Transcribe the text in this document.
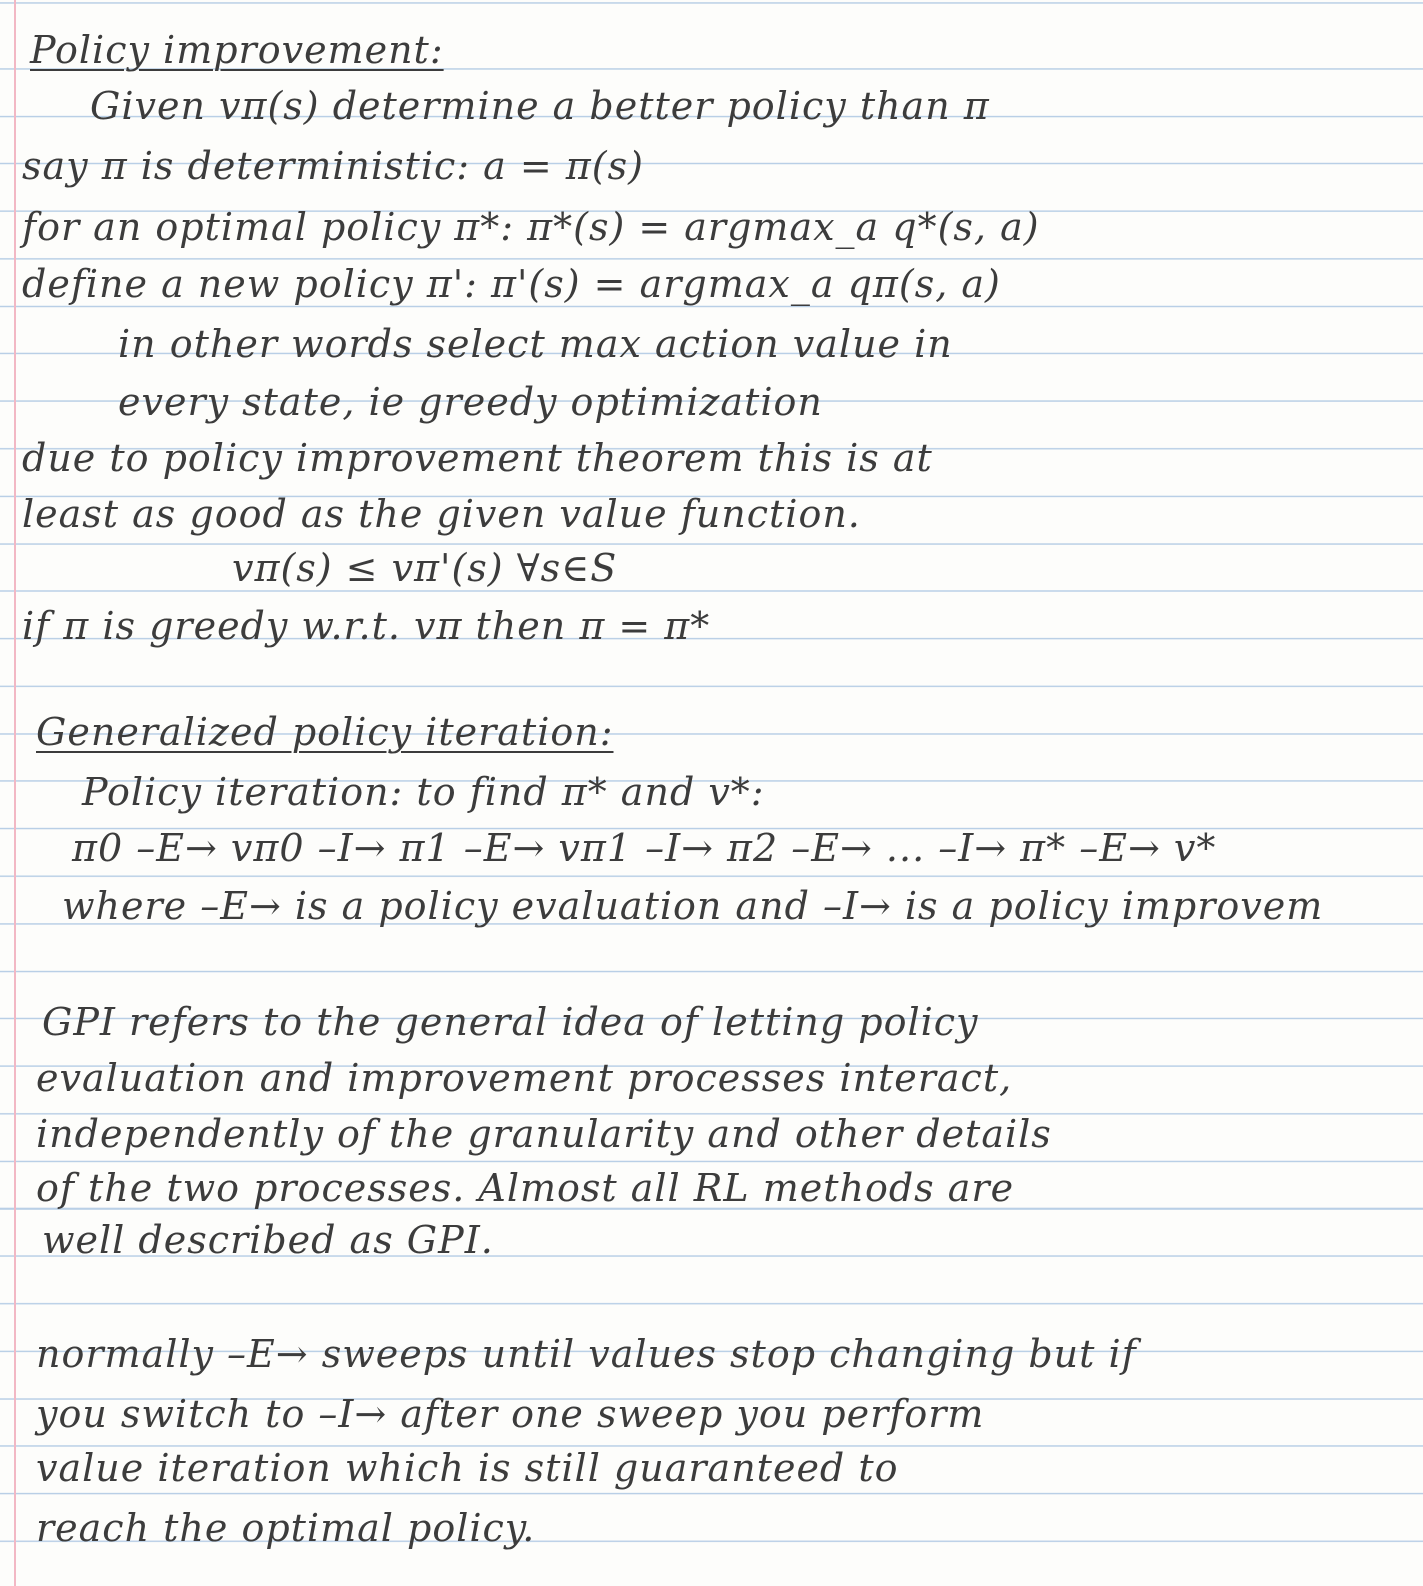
Policy improvement:
Given vπ(s) determine a better policy than π
say π is deterministic: a = π(s)
for an optimal policy π*: π*(s) = argmax_a q*(s, a)
define a new policy π': π'(s) = argmax_a qπ(s, a)
in other words select max action value in
every state, ie greedy optimization
due to policy improvement theorem this is at
least as good as the given value function.
vπ(s) ≤ vπ'(s) ∀s∈S
if π is greedy w.r.t. vπ then π = π*
Generalized policy iteration:
Policy iteration: to find π* and v*:
π0 –E→ vπ0 –I→ π1 –E→ vπ1 –I→ π2 –E→ ... –I→ π* –E→ v*
where –E→ is a policy evaluation and –I→ is a policy improvem
GPI refers to the general idea of letting policy
evaluation and improvement processes interact,
independently of the granularity and other details
of the two processes. Almost all RL methods are
well described as GPI.
normally –E→ sweeps until values stop changing but if
you switch to –I→ after one sweep you perform
value iteration which is still guaranteed to
reach the optimal policy.
